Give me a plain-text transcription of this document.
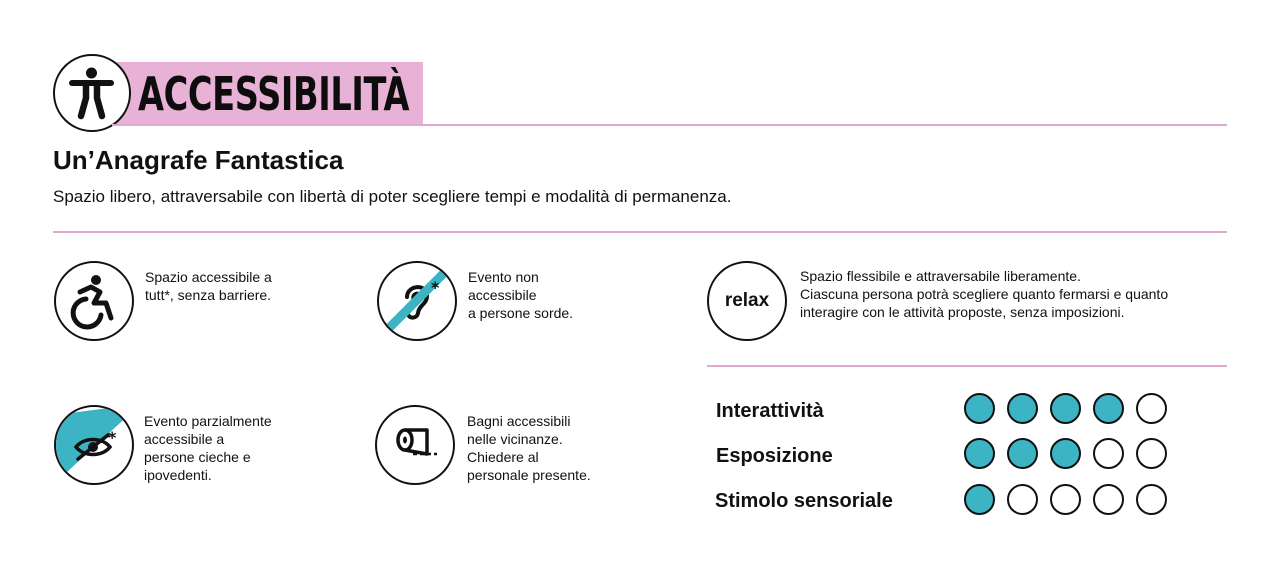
ACCESSIBILITÀ
Un’Anagrafe Fantastica
Spazio libero, attraversabile con libertà di poter scegliere tempi e modalità di permanenza.
Spazio accessibile a
tutt*, senza barriere.	*
Evento non
accessibile
a persone sorde.
relax
Spazio flessibile e attraversabile liberamente.
Ciascuna persona potrà scegliere quanto fermarsi e quanto
interagire con le attività proposte, senza imposizioni.
*
Evento parzialmente
accessibile a
persone cieche e
ipovedenti.
Bagni accessibili
nelle vicinanze.
Chiedere al
personale presente.
Interattività
Esposizione
Stimolo sensoriale
